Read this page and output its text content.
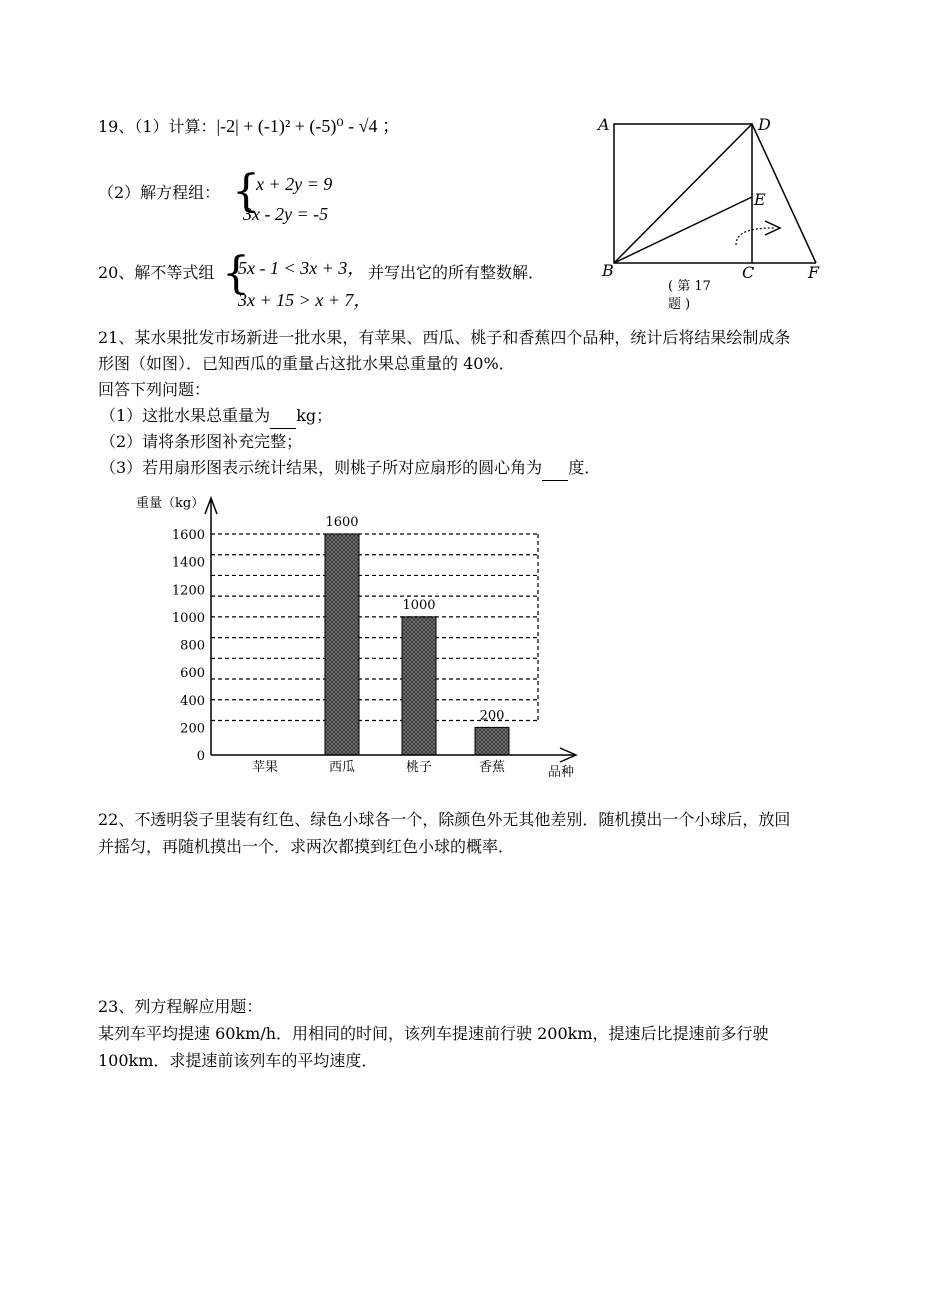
19、（1）计算：|-2| + (-1)² + (-5)⁰ - √4 ；
（2）解方程组： {
x + 2y = 9
3x - 2y = -5
20、解不等式组 {
5x - 1 < 3x + 3，
3x + 15 > x + 7，
并写出它的所有整数解．
A	D
E
B	C	F
( 第 17
题 )
21、某水果批发市场新进一批水果，有苹果、西瓜、桃子和香蕉四个品种，统计后将结果绘制成条
形图（如图）．已知西瓜的重量占这批水果总重量的 40%．
回答下列问题：
（1）这批水果总重量为 kg；
（2）请将条形图补充完整；
（3）若用扇形图表示统计结果，则桃子所对应扇形的圆心角为 度．
0
200
400
600
800
1000
1200
1400
1600
苹果	西瓜
1600
桃子
1000
香蕉
200
重量（kg）
品种
22、不透明袋子里装有红色、绿色小球各一个，除颜色外无其他差别．随机摸出一个小球后，放回
并摇匀，再随机摸出一个．求两次都摸到红色小球的概率．
23、列方程解应用题：
某列车平均提速 60km/h．用相同的时间，该列车提速前行驶 200km，提速后比提速前多行驶
100km．求提速前该列车的平均速度．
